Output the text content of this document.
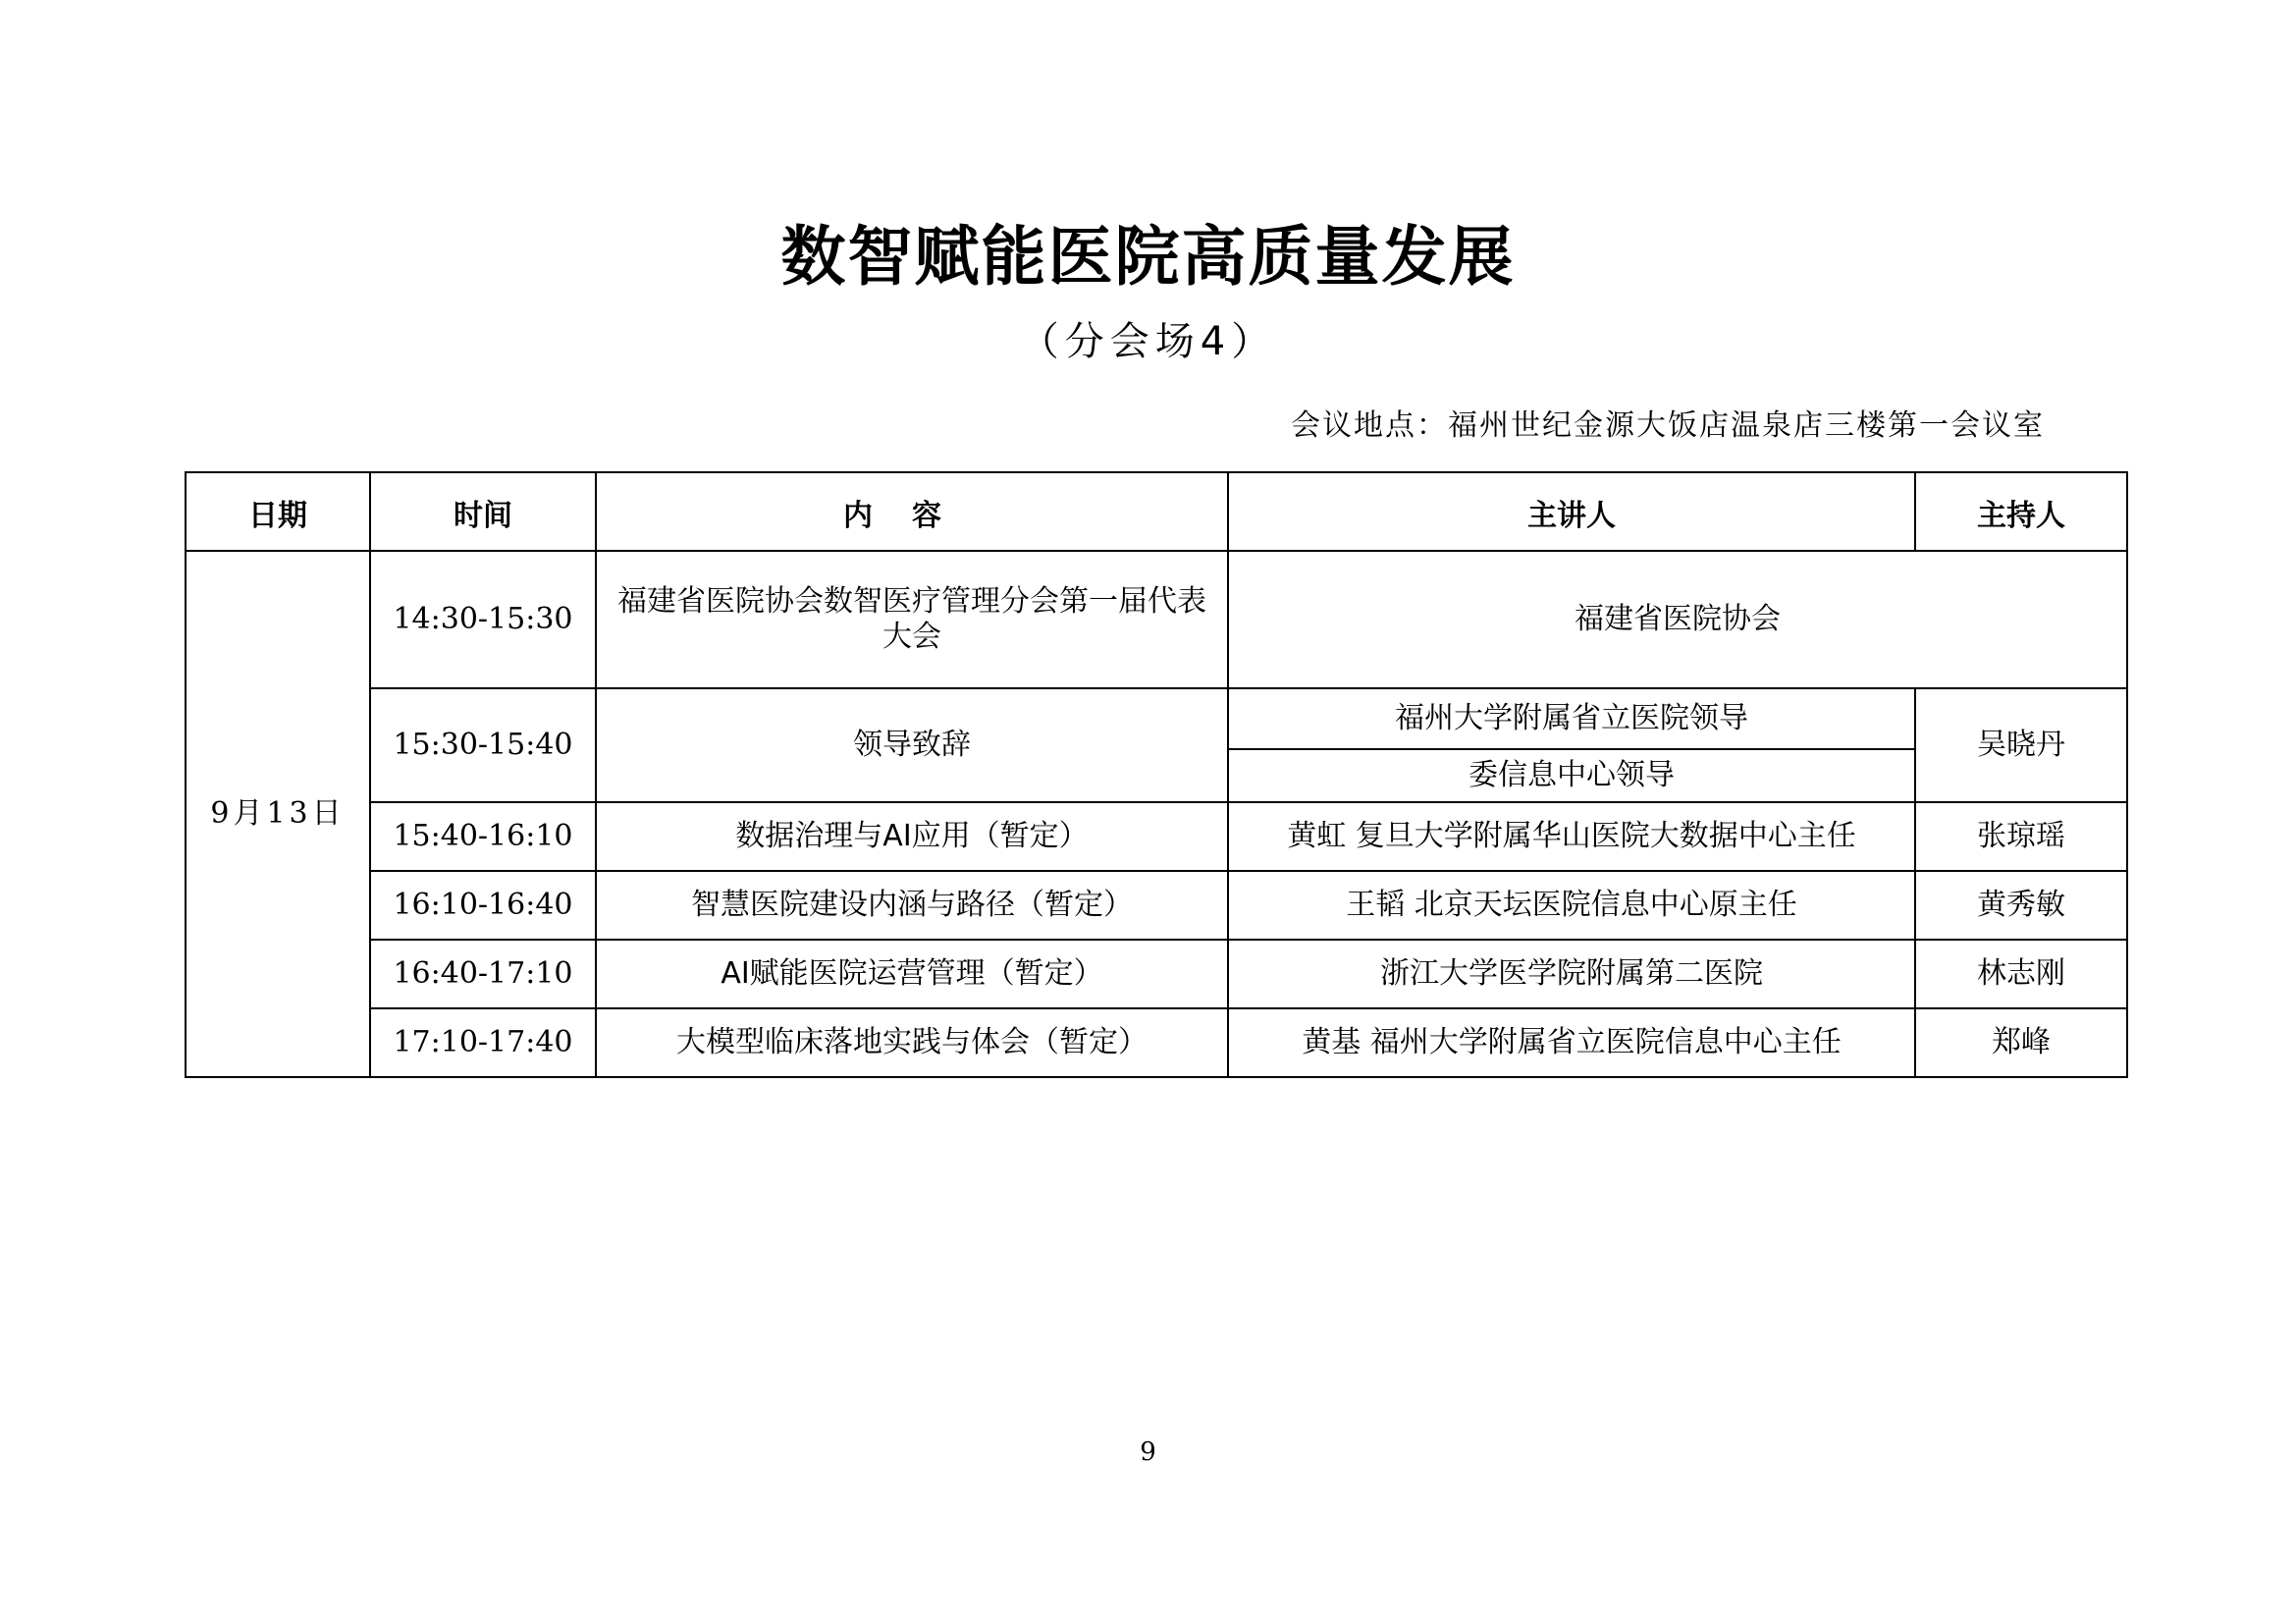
数智赋能医院高质量发展
（分会场4）
会议地点：福州世纪金源大饭店温泉店三楼第一会议室
日期	时间	内容	主讲人	主持人
9月13日	14:30-15:30	福建省医院协会数智医疗管理分会第一届代表大会	福建省医院协会	
	15:30-15:40	领导致辞	福州大学附属省立医院领导	吴晓丹
			委信息中心领导	
	15:40-16:10	数据治理与AI应用（暂定）	黄虹 复旦大学附属华山医院大数据中心主任	张琼瑶
	16:10-16:40	智慧医院建设内涵与路径（暂定）	王韬 北京天坛医院信息中心原主任	黄秀敏
	16:40-17:10	AI赋能医院运营管理（暂定）	浙江大学医学院附属第二医院	林志刚
	17:10-17:40	大模型临床落地实践与体会（暂定）	黄基 福州大学附属省立医院信息中心主任	郑峰
9
